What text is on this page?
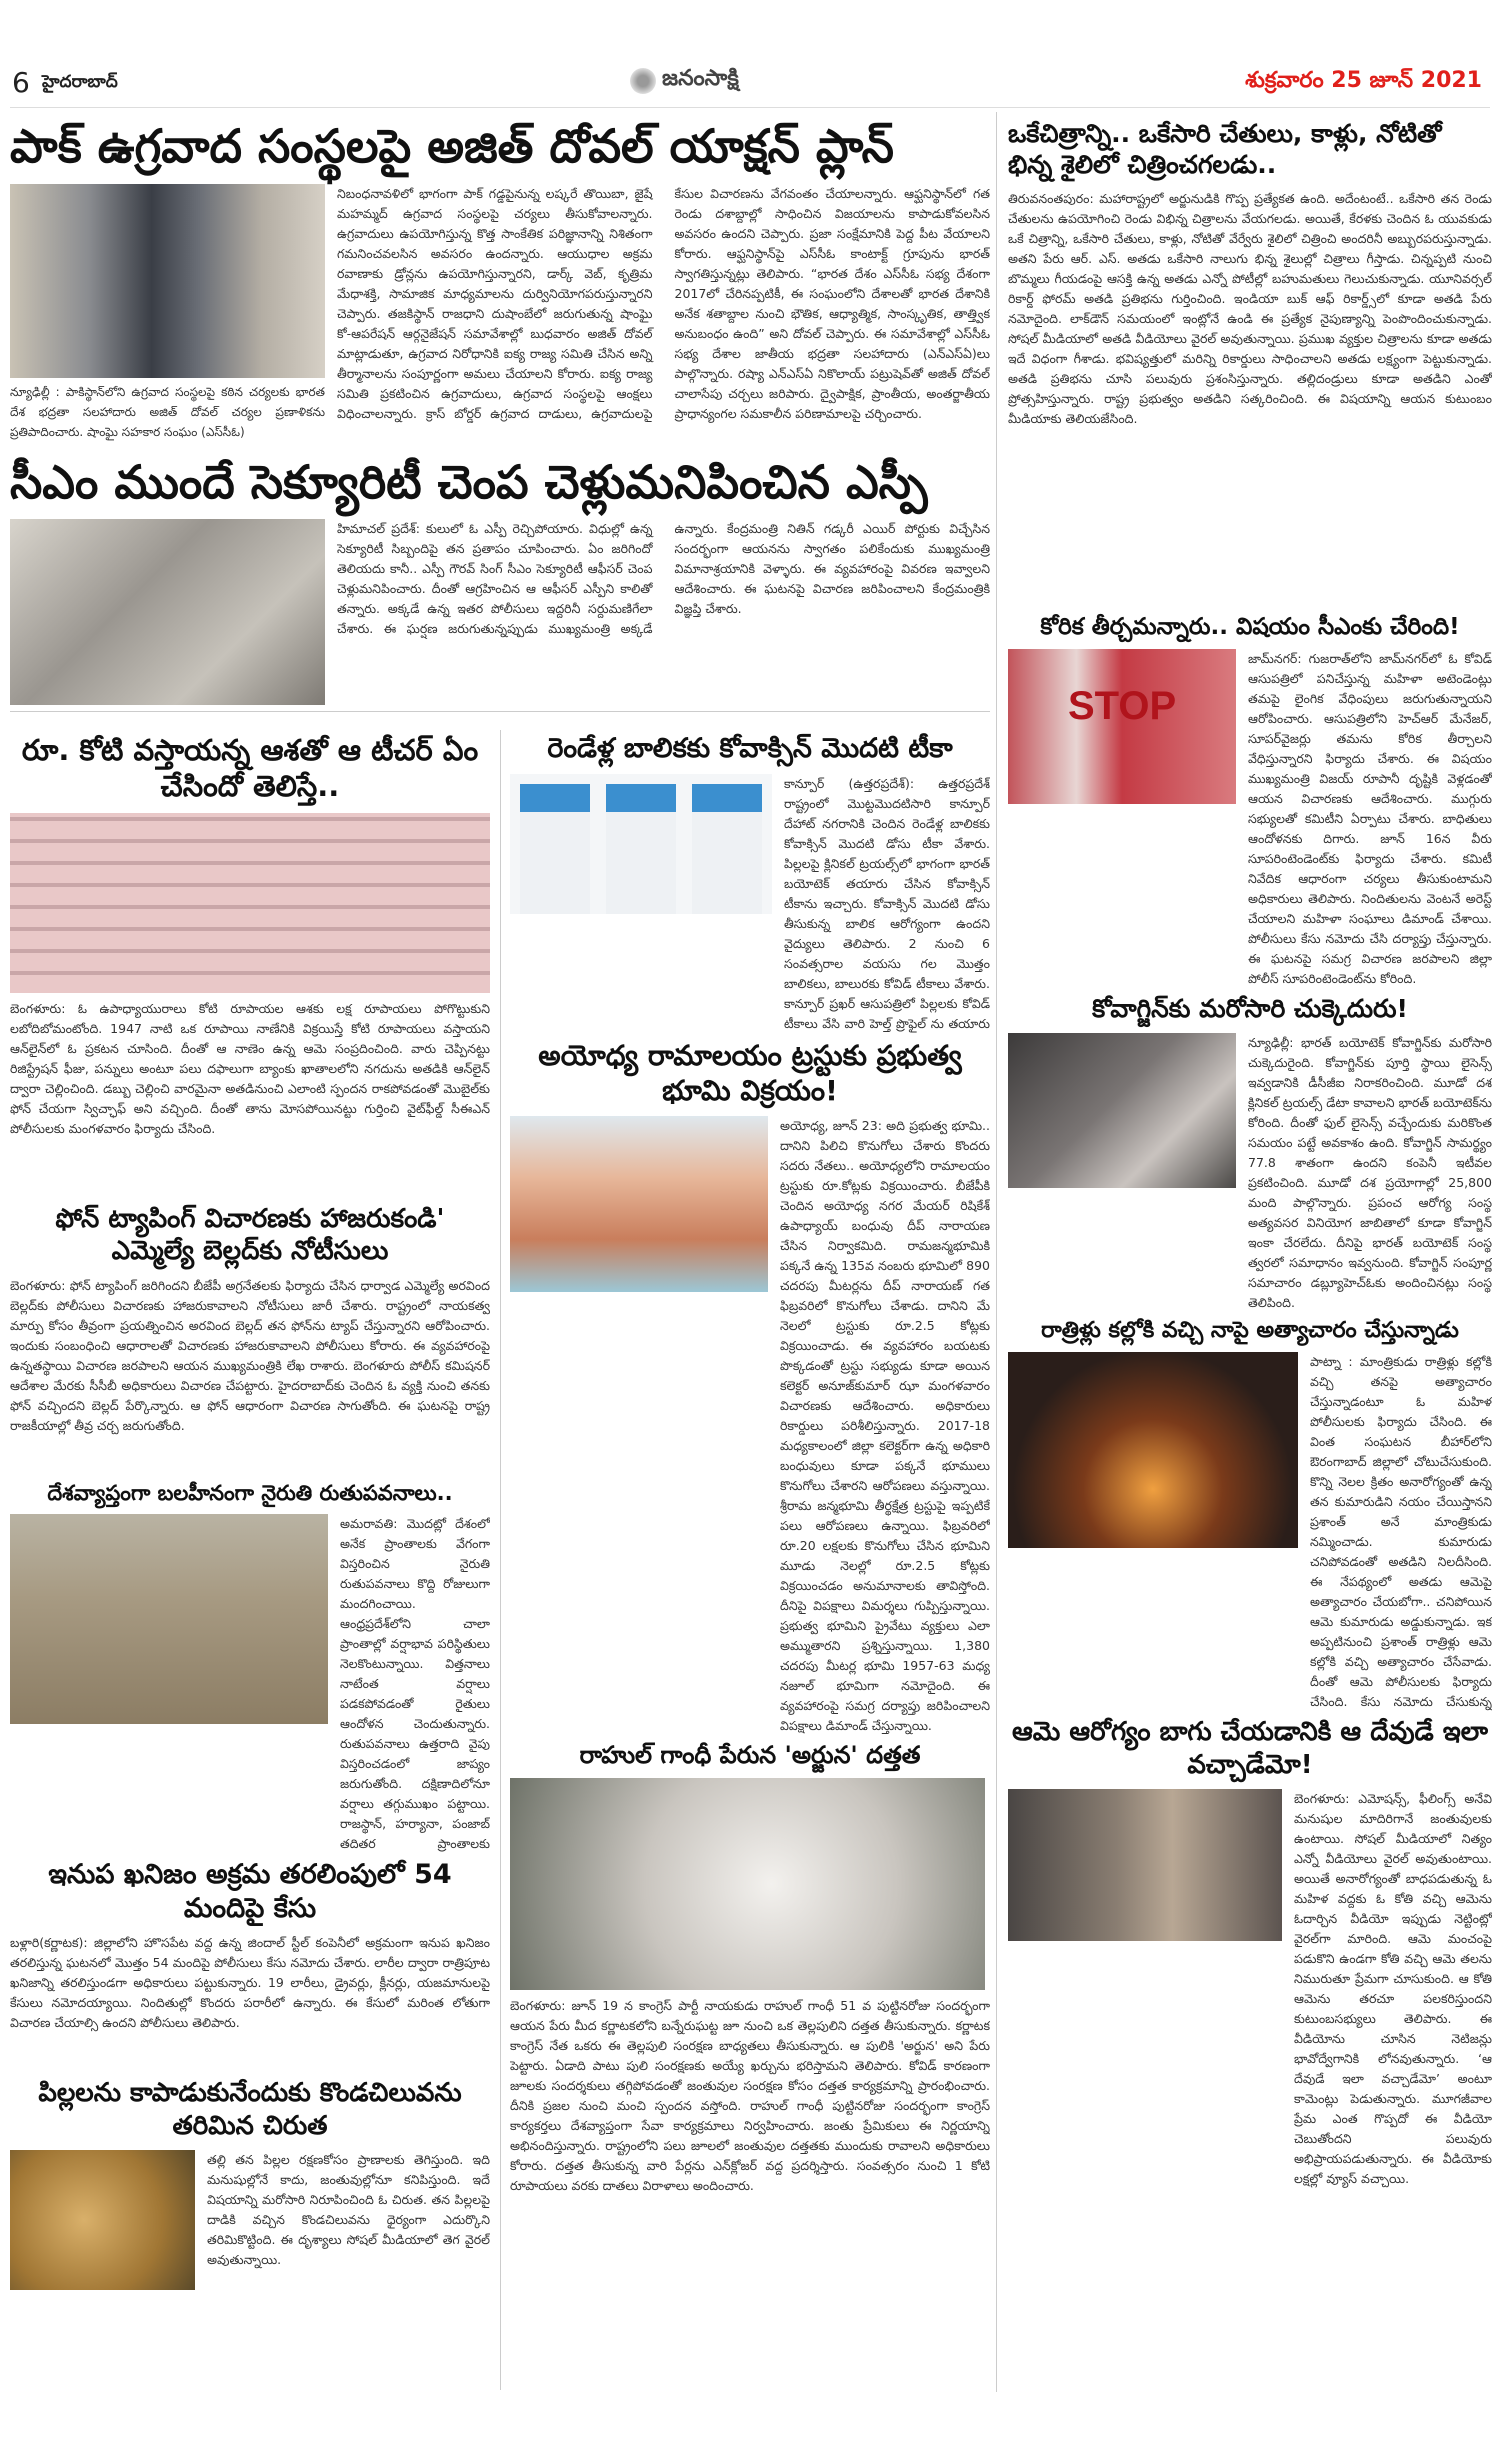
6 హైదరాబాద్	జనంసాక్షి	శుక్రవారం 25 జూన్ 2021
పాక్ ఉగ్రవాద సంస్థలపై అజిత్ దోవల్ యాక్షన్ ప్లాన్
న్యూఢిల్లీ : పాకిస్థాన్‌లోని ఉగ్రవాద సంస్థలపై కఠిన చర్యలకు భారత దేశ భద్రతా సలహాదారు అజిత్ దోవల్ చర్యల ప్రణాళికను ప్రతిపాదించారు. షాంఘై సహకార సంఘం (ఎస్‌సీఓ)
నిబంధనావళిలో భాగంగా పాక్ గడ్డపైనున్న లష్కరే తొయిబా, జైషే మహమ్మద్ ఉగ్రవాద సంస్థలపై చర్యలు తీసుకోవాలన్నారు. ఉగ్రవాదులు ఉపయోగిస్తున్న కొత్త సాంకేతిక పరిజ్ఞానాన్ని నిశితంగా గమనించవలసిన అవసరం ఉందన్నారు. ఆయుధాల అక్రమ రవాణాకు డ్రోన్లను ఉపయోగిస్తున్నారని, డార్క్ వెబ్, కృత్రిమ మేధాశక్తి, సామాజిక మాధ్యమాలను దుర్వినియోగపరుస్తున్నారని చెప్పారు. తజకిస్థాన్ రాజధాని దుషాంబేలో జరుగుతున్న షాంఘై కో-ఆపరేషన్ ఆర్గనైజేషన్ సమావేశాల్లో బుధవారం అజిత్ దోవల్ మాట్లాడుతూ, ఉగ్రవాద నిరోధానికి ఐక్య రాజ్య సమితి చేసిన అన్ని తీర్మానాలను సంపూర్ణంగా అమలు చేయాలని కోరారు. ఐక్య రాజ్య సమితి ప్రకటించిన ఉగ్రవాదులు, ఉగ్రవాద సంస్థలపై ఆంక్షలు విధించాలన్నారు. క్రాస్ బోర్డర్ ఉగ్రవాద దాడులు, ఉగ్రవాదులపై కేసుల విచారణను వేగవంతం చేయాలన్నారు. ఆఫ్ఘనిస్థాన్‌లో గత రెండు దశాబ్దాల్లో సాధించిన విజయాలను కాపాడుకోవలసిన అవసరం ఉందని చెప్పారు. ప్రజా సంక్షేమానికి పెద్ద పీట వేయాలని కోరారు. ఆఫ్ఘనిస్థాన్‌పై ఎస్‌సీఓ కాంటాక్ట్ గ్రూపును భారత్ స్వాగతిస్తున్నట్లు తెలిపారు. “భారత దేశం ఎస్‌సీఓ సభ్య దేశంగా 2017లో చేరినప్పటికీ, ఈ సంఘంలోని దేశాలతో భారత దేశానికి అనేక శతాబ్దాల నుంచి భౌతిక, ఆధ్యాత్మిక, సాంస్కృతిక, తాత్త్విక అనుబంధం ఉంది” అని దోవల్ చెప్పారు. ఈ సమావేశాల్లో ఎస్‌సీఓ సభ్య దేశాల జాతీయ భద్రతా సలహాదారు (ఎన్ఎస్ఏ)లు పాల్గొన్నారు. రష్యా ఎన్ఎస్ఏ నికొలాయ్ పట్రుషెవ్‌తో అజిత్ దోవల్ చాలాసేపు చర్చలు జరిపారు. ద్వైపాక్షిక, ప్రాంతీయ, అంతర్జాతీయ ప్రాధాన్యంగల సమకాలీన పరిణామాలపై చర్చించారు.
సీఎం ముందే సెక్యూరిటీ చెంప చెళ్లుమనిపించిన ఎస్పీ
హిమాచల్ ప్రదేశ్: కులులో ఓ ఎస్పీ రెచ్చిపోయారు. విధుల్లో ఉన్న సెక్యూరిటీ సిబ్బందిపై తన ప్రతాపం చూపించారు. ఏం జరిగిందో తెలియదు కానీ.. ఎస్పీ గౌరవ్ సింగ్ సీఎం సెక్యూరిటీ ఆఫీసర్ చెంప చెళ్లుమనిపించారు. దీంతో ఆగ్రహించిన ఆ ఆఫీసర్ ఎస్పీని కాలితో తన్నారు. అక్కడే ఉన్న ఇతర పోలీసులు ఇద్దరినీ సర్దుమణిగేలా చేశారు. ఈ ఘర్షణ జరుగుతున్నప్పుడు ముఖ్యమంత్రి అక్కడే ఉన్నారు. కేంద్రమంత్రి నితిన్ గడ్కరీ ఎయిర్ పోర్టుకు విచ్చేసిన సందర్భంగా ఆయనను స్వాగతం పలికేందుకు ముఖ్యమంత్రి విమానాశ్రయానికి వెళ్ళారు. ఈ వ్యవహారంపై వివరణ ఇవ్వాలని ఆదేశించారు. ఈ ఘటనపై విచారణ జరిపించాలని కేంద్రమంత్రికి విజ్ఞప్తి చేశారు.
రూ. కోటి వస్తాయన్న ఆశతో ఆ టీచర్ ఏం చేసిందో తెలిస్తే..
బెంగళూరు: ఓ ఉపాధ్యాయురాలు కోటి రూపాయల ఆశకు లక్ష రూపాయలు పోగొట్టుకుని లబోదిబోమంటోంది. 1947 నాటి ఒక రూపాయి నాణేనికి విక్రయిస్తే కోటి రూపాయలు వస్తాయని ఆన్‌లైన్‌లో ఓ ప్రకటన చూసింది. దీంతో ఆ నాణెం ఉన్న ఆమె సంప్రదించింది. వారు చెప్పినట్టు రిజిస్ట్రేషన్ ఫీజు, పన్నులు అంటూ పలు దఫాలుగా బ్యాంకు ఖాతాలలోని నగదును అతడికి ఆన్‌లైన్ ద్వారా చెల్లించింది. డబ్బు చెల్లించి వారమైనా అతడినుంచి ఎలాంటి స్పందన రాకపోవడంతో మొబైల్‌కు ఫోన్ చేయగా స్విచ్ఛాఫ్ అని వచ్చింది. దీంతో తాను మోసపోయినట్టు గుర్తించి వైట్‌ఫీల్డ్ సీఈఎన్ పోలీసులకు మంగళవారం ఫిర్యాదు చేసింది.
ఫోన్ ట్యాపింగ్ విచారణకు హాజరుకండి' ఎమ్మెల్యే బెల్లద్‌కు నోటీసులు
బెంగళూరు: ఫోన్ ట్యాపింగ్ జరిగిందని బీజేపీ అగ్రనేతలకు ఫిర్యాదు చేసిన ధార్వాడ ఎమ్మెల్యే అరవింద బెల్లద్‌కు పోలీసులు విచారణకు హాజరుకావాలని నోటీసులు జారీ చేశారు. రాష్ట్రంలో నాయకత్వ మార్పు కోసం తీవ్రంగా ప్రయత్నించిన అరవింద బెల్లద్ తన ఫోన్‌ను ట్యాప్ చేస్తున్నారని ఆరోపించారు. ఇందుకు సంబంధించి ఆధారాలతో విచారణకు హాజరుకావాలని పోలీసులు కోరారు. ఈ వ్యవహారంపై ఉన్నతస్థాయి విచారణ జరపాలని ఆయన ముఖ్యమంత్రికి లేఖ రాశారు. బెంగళూరు పోలీస్ కమిషనర్ ఆదేశాల మేరకు సీసీబీ అధికారులు విచారణ చేపట్టారు. హైదరాబాద్‌కు చెందిన ఓ వ్యక్తి నుంచి తనకు ఫోన్ వచ్చిందని బెల్లద్ పేర్కొన్నారు. ఆ ఫోన్ ఆధారంగా విచారణ సాగుతోంది. ఈ ఘటనపై రాష్ట్ర రాజకీయాల్లో తీవ్ర చర్చ జరుగుతోంది.
దేశవ్యాప్తంగా బలహీనంగా నైరుతి రుతుపవనాలు..
అమరావతి: మొదట్లో దేశంలో అనేక ప్రాంతాలకు వేగంగా విస్తరించిన నైరుతి రుతుపవనాలు కొద్ది రోజులుగా మందగించాయి. ఆంధ్రప్రదేశ్‌లోని చాలా ప్రాంతాల్లో వర్షాభావ పరిస్థితులు నెలకొంటున్నాయి. విత్తనాలు నాటేంత వర్షాలు పడకపోవడంతో రైతులు ఆందోళన చెందుతున్నారు. రుతుపవనాలు ఉత్తరాది వైపు విస్తరించడంలో జాప్యం జరుగుతోంది. దక్షిణాదిలోనూ వర్షాలు తగ్గుముఖం పట్టాయి. రాజస్థాన్, హర్యానా, పంజాబ్ తదితర ప్రాంతాలకు
ఇనుప ఖనిజం అక్రమ తరలింపులో 54 మందిపై కేసు
బళ్లారి(కర్ణాటక): జిల్లాలోని హొసపేట వద్ద ఉన్న జిందాల్ స్టీల్ కంపెనీలో అక్రమంగా ఇనుప ఖనిజం తరలిస్తున్న ఘటనలో మొత్తం 54 మందిపై పోలీసులు కేసు నమోదు చేశారు. లారీల ద్వారా రాత్రిపూట ఖనిజాన్ని తరలిస్తుండగా అధికారులు పట్టుకున్నారు. 19 లారీలు, డ్రైవర్లు, క్లీనర్లు, యజమానులపై కేసులు నమోదయ్యాయి. నిందితుల్లో కొందరు పరారీలో ఉన్నారు. ఈ కేసులో మరింత లోతుగా విచారణ చేయాల్సి ఉందని పోలీసులు తెలిపారు.
పిల్లలను కాపాడుకునేందుకు కొండచిలువను తరిమిన చిరుత
తల్లి తన పిల్లల రక్షణకోసం ప్రాణాలకు తెగిస్తుంది. ఇది మనుషుల్లోనే కాదు, జంతువుల్లోనూ కనిపిస్తుంది. ఇదే విషయాన్ని మరోసారి నిరూపించింది ఓ చిరుత. తన పిల్లలపై దాడికి వచ్చిన కొండచిలువను ధైర్యంగా ఎదుర్కొని తరిమికొట్టింది. ఈ దృశ్యాలు సోషల్ మీడియాలో తెగ వైరల్ అవుతున్నాయి.
రెండేళ్ల బాలికకు కోవాక్సిన్ మొదటి టీకా
కాన్పూర్ (ఉత్తరప్రదేశ్): ఉత్తరప్రదేశ్ రాష్ట్రంలో మొట్టమొదటిసారి కాన్పూర్ దేహాట్ నగరానికి చెందిన రెండేళ్ల బాలికకు కోవాక్సిన్ మొదటి డోసు టీకా వేశారు. పిల్లలపై క్లినికల్ ట్రయల్స్‌లో భాగంగా భారత్ బయోటెక్ తయారు చేసిన కోవాక్సిన్ టీకాను ఇచ్చారు. కోవాక్సిన్ మొదటి డోసు తీసుకున్న బాలిక ఆరోగ్యంగా ఉందని వైద్యులు తెలిపారు. 2 నుంచి 6 సంవత్సరాల వయసు గల మొత్తం బాలికలు, బాలురకు కోవిడ్ టీకాలు వేశారు. కాన్పూర్ ప్రఖర్ ఆసుపత్రిలో పిల్లలకు కోవిడ్ టీకాలు వేసి వారి హెల్త్ ప్రొఫైల్ ను తయారు
అయోధ్య రామాలయం ట్రస్టుకు ప్రభుత్వ భూమి విక్రయం!
అయోధ్య, జూన్ 23: అది ప్రభుత్వ భూమి.. దానిని పిలిచి కొనుగోలు చేశారు కొందరు సదరు నేతలు.. అయోధ్యలోని రామాలయం ట్రస్టుకు రూ.కోట్లకు విక్రయించారు. బీజేపీకి చెందిన అయోధ్య నగర మేయర్ రిషికేశ్ ఉపాధ్యాయ్ బంధువు దీప్ నారాయణ చేసిన నిర్వాకమిది. రామజన్మభూమికి పక్కనే ఉన్న 135వ నంబరు భూమిలో 890 చదరపు మీటర్లను దీప్ నారాయణ్ గత ఫిబ్రవరిలో కొనుగోలు చేశాడు. దానిని మే నెలలో ట్రస్టుకు రూ.2.5 కోట్లకు విక్రయించాడు. ఈ వ్యవహారం బయటకు పొక్కడంతో ట్రస్టు సభ్యుడు కూడా అయిన కలెక్టర్ అనూజ్‌కుమార్ ఝా మంగళవారం విచారణకు ఆదేశించారు. అధికారులు రికార్డులు పరిశీలిస్తున్నారు. 2017-18 మధ్యకాలంలో జిల్లా కలెక్టర్‌గా ఉన్న అధికారి బంధువులు కూడా పక్కనే భూములు కొనుగోలు చేశారని ఆరోపణలు వస్తున్నాయి. శ్రీరామ జన్మభూమి తీర్థక్షేత్ర ట్రస్టుపై ఇప్పటికే పలు ఆరోపణలు ఉన్నాయి. ఫిబ్రవరిలో రూ.20 లక్షలకు కొనుగోలు చేసిన భూమిని మూడు నెలల్లో రూ.2.5 కోట్లకు విక్రయించడం అనుమానాలకు తావిస్తోంది. దీనిపై విపక్షాలు విమర్శలు గుప్పిస్తున్నాయి. ప్రభుత్వ భూమిని ప్రైవేటు వ్యక్తులు ఎలా అమ్ముతారని ప్రశ్నిస్తున్నాయి. 1,380 చదరపు మీటర్ల భూమి 1957-63 మధ్య నజూల్ భూమిగా నమోదైంది. ఈ వ్యవహారంపై సమగ్ర దర్యాప్తు జరిపించాలని విపక్షాలు డిమాండ్ చేస్తున్నాయి.
రాహుల్ గాంధీ పేరున 'అర్జున' దత్తత
బెంగళూరు: జూన్ 19 న కాంగ్రెస్ పార్టీ నాయకుడు రాహుల్ గాంధీ 51 వ పుట్టినరోజు సందర్భంగా ఆయన పేరు మీద కర్ణాటకలోని బన్నేరుఘట్ట జూ నుంచి ఒక తెల్లపులిని దత్తత తీసుకున్నారు. కర్ణాటక కాంగ్రెస్ నేత ఒకరు ఈ తెల్లపులి సంరక్షణ బాధ్యతలు తీసుకున్నారు. ఆ పులికి 'అర్జున' అని పేరు పెట్టారు. ఏడాది పాటు పులి సంరక్షణకు అయ్యే ఖర్చును భరిస్తామని తెలిపారు. కోవిడ్ కారణంగా జూలకు సందర్శకులు తగ్గిపోవడంతో జంతువుల సంరక్షణ కోసం దత్తత కార్యక్రమాన్ని ప్రారంభించారు. దీనికి ప్రజల నుంచి మంచి స్పందన వస్తోంది. రాహుల్ గాంధీ పుట్టినరోజు సందర్భంగా కాంగ్రెస్ కార్యకర్తలు దేశవ్యాప్తంగా సేవా కార్యక్రమాలు నిర్వహించారు. జంతు ప్రేమికులు ఈ నిర్ణయాన్ని అభినందిస్తున్నారు. రాష్ట్రంలోని పలు జూలలో జంతువుల దత్తతకు ముందుకు రావాలని అధికారులు కోరారు. దత్తత తీసుకున్న వారి పేర్లను ఎన్‌క్లోజర్ వద్ద ప్రదర్శిస్తారు. సంవత్సరం నుంచి 1 కోటి రూపాయలు వరకు దాతలు విరాళాలు అందించారు.
ఒకేచిత్రాన్ని.. ఒకేసారి చేతులు, కాళ్లు, నోటితో భిన్న శైలిలో చిత్రించగలడు..
తిరువనంతపురం: మహారాష్ట్రలో అర్జునుడికి గొప్ప ప్రత్యేకత ఉంది. అదేంటంటే.. ఒకేసారి తన రెండు చేతులను ఉపయోగించి రెండు విభిన్న చిత్రాలను వేయగలడు. అయితే, కేరళకు చెందిన ఓ యువకుడు ఒకే చిత్రాన్ని, ఒకేసారి చేతులు, కాళ్లు, నోటితో వేర్వేరు శైలిలో చిత్రించి అందరినీ అబ్బురపరుస్తున్నాడు. అతని పేరు ఆర్. ఎస్. అతడు ఒకేసారి నాలుగు భిన్న శైలుల్లో చిత్రాలు గీస్తాడు. చిన్నప్పటి నుంచి బొమ్మలు గీయడంపై ఆసక్తి ఉన్న అతడు ఎన్నో పోటీల్లో బహుమతులు గెలుచుకున్నాడు. యూనివర్సల్ రికార్డ్ ఫోరమ్ అతడి ప్రతిభను గుర్తించింది. ఇండియా బుక్ ఆఫ్ రికార్డ్స్‌లో కూడా అతడి పేరు నమోదైంది. లాక్‌డౌన్ సమయంలో ఇంట్లోనే ఉండి ఈ ప్రత్యేక నైపుణ్యాన్ని పెంపొందించుకున్నాడు. సోషల్ మీడియాలో అతడి వీడియోలు వైరల్ అవుతున్నాయి. ప్రముఖ వ్యక్తుల చిత్రాలను కూడా అతడు ఇదే విధంగా గీశాడు. భవిష్యత్తులో మరిన్ని రికార్డులు సాధించాలని అతడు లక్ష్యంగా పెట్టుకున్నాడు. అతడి ప్రతిభను చూసి పలువురు ప్రశంసిస్తున్నారు. తల్లిదండ్రులు కూడా అతడిని ఎంతో ప్రోత్సహిస్తున్నారు. రాష్ట్ర ప్రభుత్వం అతడిని సత్కరించింది. ఈ విషయాన్ని ఆయన కుటుంబం మీడియాకు తెలియజేసింది.
కోరిక తీర్చమన్నారు.. విషయం సీఎంకు చేరింది!
STOP
జామ్‌నగర్: గుజరాత్‌లోని జామ్‌నగర్‌లో ఓ కోవిడ్ ఆసుపత్రిలో పనిచేస్తున్న మహిళా అటెండెంట్లు తమపై లైంగిక వేధింపులు జరుగుతున్నాయని ఆరోపించారు. ఆసుపత్రిలోని హెచ్ఆర్ మేనేజర్, సూపర్‌వైజర్లు తమను కోరిక తీర్చాలని వేధిస్తున్నారని ఫిర్యాదు చేశారు. ఈ విషయం ముఖ్యమంత్రి విజయ్ రూపానీ దృష్టికి వెళ్లడంతో ఆయన విచారణకు ఆదేశించారు. ముగ్గురు సభ్యులతో కమిటీని ఏర్పాటు చేశారు. బాధితులు ఆందోళనకు దిగారు. జూన్ 16న వీరు సూపరింటెండెంట్‌కు ఫిర్యాదు చేశారు. కమిటీ నివేదిక ఆధారంగా చర్యలు తీసుకుంటామని అధికారులు తెలిపారు. నిందితులను వెంటనే అరెస్ట్ చేయాలని మహిళా సంఘాలు డిమాండ్ చేశాయి. పోలీసులు కేసు నమోదు చేసి దర్యాప్తు చేస్తున్నారు. ఈ ఘటనపై సమగ్ర విచారణ జరపాలని జిల్లా పోలీస్ సూపరింటెండెంట్‌ను కోరింది.
కోవాగ్జిన్‌కు మరోసారి చుక్కెదురు!
న్యూఢిల్లీ: భారత్ బయోటెక్ కోవాగ్జిన్‌కు మరోసారి చుక్కెదురైంది. కోవాగ్జిన్‌కు పూర్తి స్థాయి లైసెన్స్ ఇవ్వడానికి డీసీజీఐ నిరాకరించింది. మూడో దశ క్లినికల్ ట్రయల్స్ డేటా కావాలని భారత్ బయోటెక్‌ను కోరింది. దీంతో ఫుల్ లైసెన్స్ వచ్చేందుకు మరికొంత సమయం పట్టే అవకాశం ఉంది. కోవాగ్జిన్ సామర్థ్యం 77.8 శాతంగా ఉందని కంపెనీ ఇటీవల ప్రకటించింది. మూడో దశ ప్రయోగాల్లో 25,800 మంది పాల్గొన్నారు. ప్రపంచ ఆరోగ్య సంస్థ అత్యవసర వినియోగ జాబితాలో కూడా కోవాగ్జిన్ ఇంకా చేరలేదు. దీనిపై భారత్ బయోటెక్ సంస్థ త్వరలో సమాధానం ఇవ్వనుంది. కోవాగ్జిన్ సంపూర్ణ సమాచారం డబ్ల్యూహెచ్ఓకు అందించినట్లు సంస్థ తెలిపింది.
రాత్రిళ్లు కల్లోకి వచ్చి నాపై అత్యాచారం చేస్తున్నాడు
పాట్నా : మాంత్రికుడు రాత్రిళ్లు కల్లోకి వచ్చి తనపై అత్యాచారం చేస్తున్నాడంటూ ఓ మహిళ పోలీసులకు ఫిర్యాదు చేసింది. ఈ వింత సంఘటన బీహార్‌లోని ఔరంగాబాద్ జిల్లాలో చోటుచేసుకుంది. కొన్ని నెలల క్రితం అనారోగ్యంతో ఉన్న తన కుమారుడిని నయం చేయిస్తానని ప్రశాంత్ అనే మాంత్రికుడు నమ్మించాడు. కుమారుడు చనిపోవడంతో అతడిని నిలదీసింది. ఈ నేపథ్యంలో అతడు ఆమెపై అత్యాచారం చేయబోగా.. చనిపోయిన ఆమె కుమారుడు అడ్డుకున్నాడు. ఇక అప్పటినుంచి ప్రశాంత్ రాత్రిళ్లు ఆమె కల్లోకి వచ్చి అత్యాచారం చేసేవాడు. దీంతో ఆమె పోలీసులకు ఫిర్యాదు చేసింది. కేసు నమోదు చేసుకున్న
ఆమె ఆరోగ్యం బాగు చేయడానికి ఆ దేవుడే ఇలా వచ్చాడేమో!
బెంగళూరు: ఎమోషన్స్, ఫీలింగ్స్ అనేవి మనుషుల మాదిరిగానే జంతువులకు ఉంటాయి. సోషల్ మీడియాలో నిత్యం ఎన్నో వీడియోలు వైరల్ అవుతుంటాయి. అయితే అనారోగ్యంతో బాధపడుతున్న ఓ మహిళ వద్దకు ఓ కోతి వచ్చి ఆమెను ఓదార్చిన వీడియో ఇప్పుడు నెట్టింట్లో వైరల్‌గా మారింది. ఆమె మంచంపై పడుకొని ఉండగా కోతి వచ్చి ఆమె తలను నిమురుతూ ప్రేమగా చూసుకుంది. ఆ కోతి ఆమెను తరచూ పలకరిస్తుందని కుటుంబసభ్యులు తెలిపారు. ఈ వీడియోను చూసిన నెటిజన్లు భావోద్వేగానికి లోనవుతున్నారు. ‘ఆ దేవుడే ఇలా వచ్చాడేమో’ అంటూ కామెంట్లు పెడుతున్నారు. మూగజీవాల ప్రేమ ఎంత గొప్పదో ఈ వీడియో చెబుతోందని పలువురు అభిప్రాయపడుతున్నారు. ఈ వీడియోకు లక్షల్లో వ్యూస్ వచ్చాయి.
